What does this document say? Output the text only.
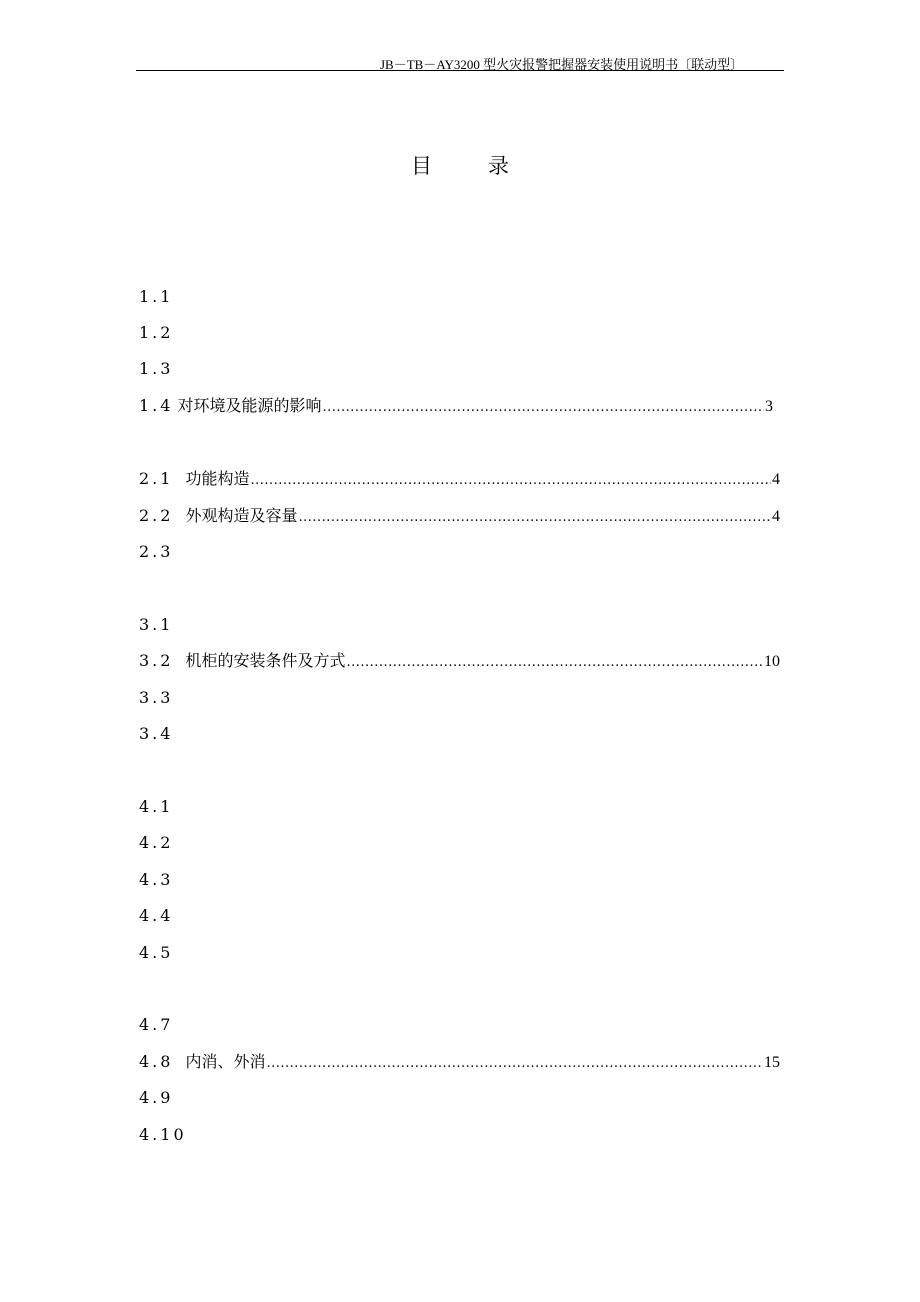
JB－TB－AY3200 型火灾报警把握器安装使用说明书〔联动型〕
目录
1.1
1.2
1.3
1.4 对环境及能源的影响 .....	3
2.1 功能构造 .....	4
2.2 外观构造及容量 .....	4
2.3
3.1
3.2 机柜的安装条件及方式 .....	10
3.3
3.4
4.1
4.2
4.3
4.4
4.5
4.7
4.8 内消、外消 .....	15
4.9
4.10
